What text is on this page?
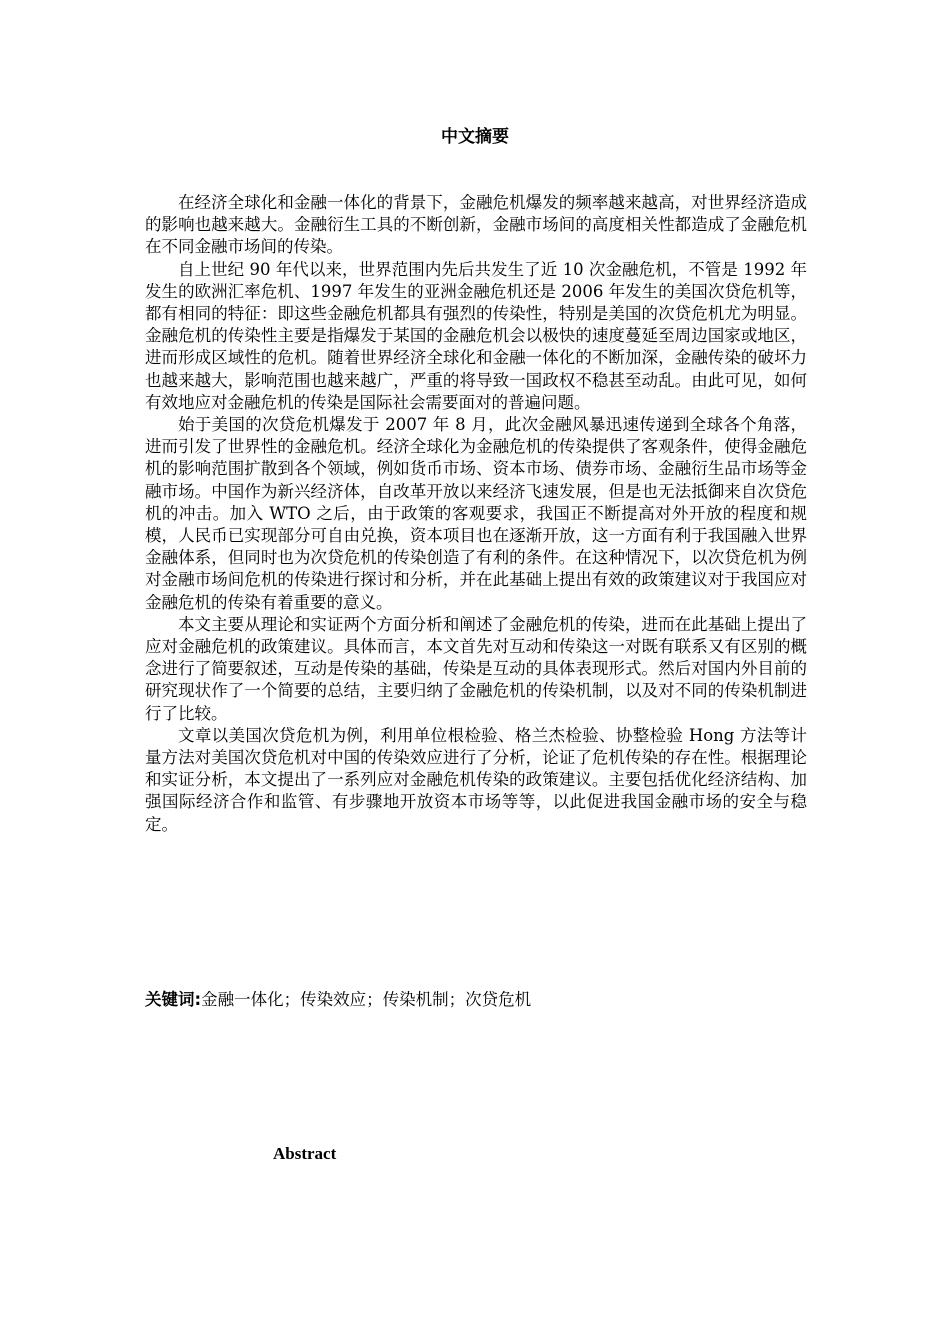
中文摘要

在经济全球化和金融一体化的背景下，金融危机爆发的频率越来越高，对世界经济造成的影响也越来越大。金融衍生工具的不断创新，金融市场间的高度相关性都造成了金融危机在不同金融市场间的传染。

自上世纪 90 年代以来，世界范围内先后共发生了近 10 次金融危机，不管是 1992 年发生的欧洲汇率危机、1997 年发生的亚洲金融危机还是 2006 年发生的美国次贷危机等，都有相同的特征：即这些金融危机都具有强烈的传染性，特别是美国的次贷危机尤为明显。金融危机的传染性主要是指爆发于某国的金融危机会以极快的速度蔓延至周边国家或地区，进而形成区域性的危机。随着世界经济全球化和金融一体化的不断加深，金融传染的破坏力也越来越大，影响范围也越来越广，严重的将导致一国政权不稳甚至动乱。由此可见，如何有效地应对金融危机的传染是国际社会需要面对的普遍问题。

始于美国的次贷危机爆发于 2007 年 8 月，此次金融风暴迅速传递到全球各个角落，进而引发了世界性的金融危机。经济全球化为金融危机的传染提供了客观条件，使得金融危机的影响范围扩散到各个领域，例如货币市场、资本市场、债券市场、金融衍生品市场等金融市场。中国作为新兴经济体，自改革开放以来经济飞速发展，但是也无法抵御来自次贷危机的冲击。加入 WTO 之后，由于政策的客观要求，我国正不断提高对外开放的程度和规模，人民币已实现部分可自由兑换，资本项目也在逐渐开放，这一方面有利于我国融入世界金融体系，但同时也为次贷危机的传染创造了有利的条件。在这种情况下，以次贷危机为例对金融市场间危机的传染进行探讨和分析，并在此基础上提出有效的政策建议对于我国应对金融危机的传染有着重要的意义。

本文主要从理论和实证两个方面分析和阐述了金融危机的传染，进而在此基础上提出了应对金融危机的政策建议。具体而言，本文首先对互动和传染这一对既有联系又有区别的概念进行了简要叙述，互动是传染的基础，传染是互动的具体表现形式。然后对国内外目前的研究现状作了一个简要的总结，主要归纳了金融危机的传染机制，以及对不同的传染机制进行了比较。

文章以美国次贷危机为例，利用单位根检验、格兰杰检验、协整检验 Hong 方法等计量方法对美国次贷危机对中国的传染效应进行了分析，论证了危机传染的存在性。根据理论和实证分析，本文提出了一系列应对金融危机传染的政策建议。主要包括优化经济结构、加强国际经济合作和监管、有步骤地开放资本市场等等，以此促进我国金融市场的安全与稳定。

关键词:金融一体化；传染效应；传染机制；次贷危机

Abstract
